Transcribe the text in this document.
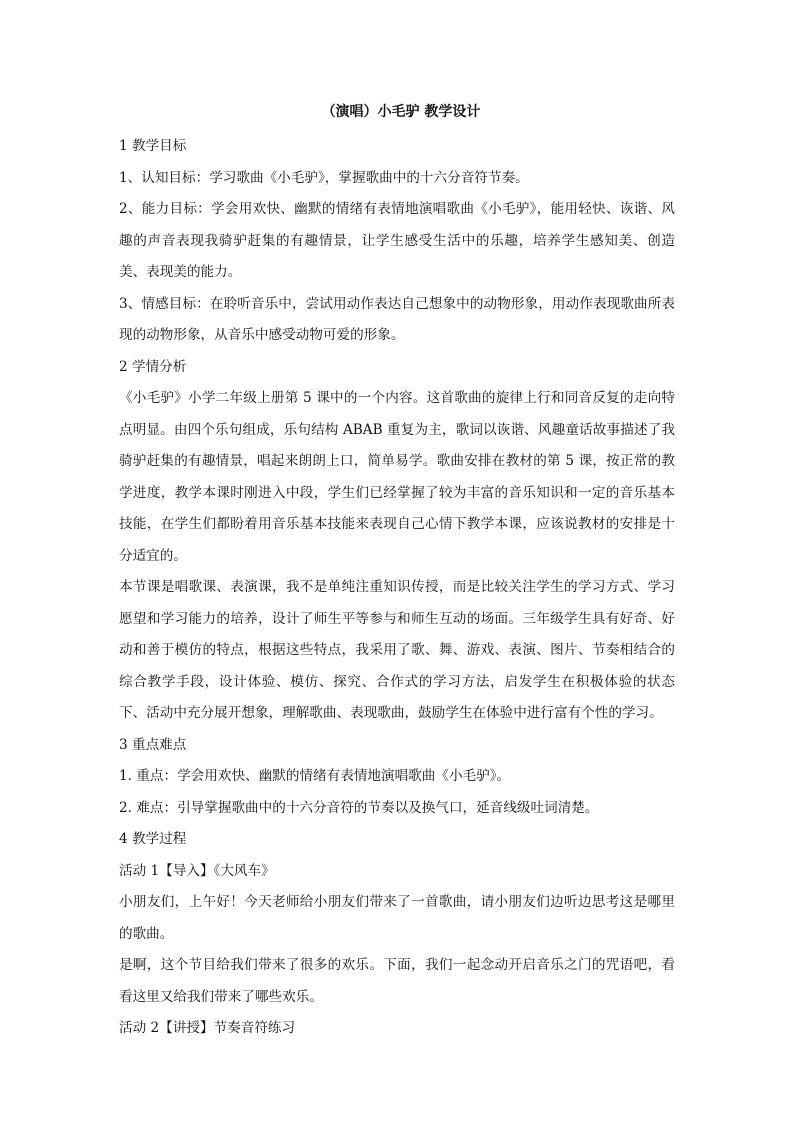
（演唱）小毛驴 教学设计

1 教学目标

1、认知目标：学习歌曲《小毛驴》，掌握歌曲中的十六分音符节奏。

2、能力目标：学会用欢快、幽默的情绪有表情地演唱歌曲《小毛驴》，能用轻快、诙谐、风趣的声音表现我骑驴赶集的有趣情景，让学生感受生活中的乐趣，培养学生感知美、创造美、表现美的能力。

3、情感目标：在聆听音乐中，尝试用动作表达自己想象中的动物形象，用动作表现歌曲所表现的动物形象，从音乐中感受动物可爱的形象。

2 学情分析

《小毛驴》小学二年级上册第 5 课中的一个内容。这首歌曲的旋律上行和同音反复的走向特点明显。由四个乐句组成，乐句结构 ABAB 重复为主，歌词以诙谐、风趣童话故事描述了我骑驴赶集的有趣情景，唱起来朗朗上口，简单易学。歌曲安排在教材的第 5 课，按正常的教学进度，教学本课时刚进入中段，学生们已经掌握了较为丰富的音乐知识和一定的音乐基本技能，在学生们都盼着用音乐基本技能来表现自己心情下教学本课，应该说教材的安排是十分适宜的。

本节课是唱歌课、表演课，我不是单纯注重知识传授，而是比较关注学生的学习方式、学习愿望和学习能力的培养，设计了师生平等参与和师生互动的场面。三年级学生具有好奇、好动和善于模仿的特点，根据这些特点，我采用了歌、舞、游戏、表演、图片、节奏相结合的综合教学手段，设计体验、模仿、探究、合作式的学习方法，启发学生在积极体验的状态下、活动中充分展开想象，理解歌曲、表现歌曲，鼓励学生在体验中进行富有个性的学习。

3 重点难点

1. 重点：学会用欢快、幽默的情绪有表情地演唱歌曲《小毛驴》。

2. 难点：引导掌握歌曲中的十六分音符的节奏以及换气口，延音线级吐词清楚。

4 教学过程

活动 1【导入】《大风车》

小朋友们，上午好！今天老师给小朋友们带来了一首歌曲，请小朋友们边听边思考这是哪里的歌曲。

是啊，这个节目给我们带来了很多的欢乐。下面，我们一起念动开启音乐之门的咒语吧，看看这里又给我们带来了哪些欢乐。

活动 2【讲授】节奏音符练习
